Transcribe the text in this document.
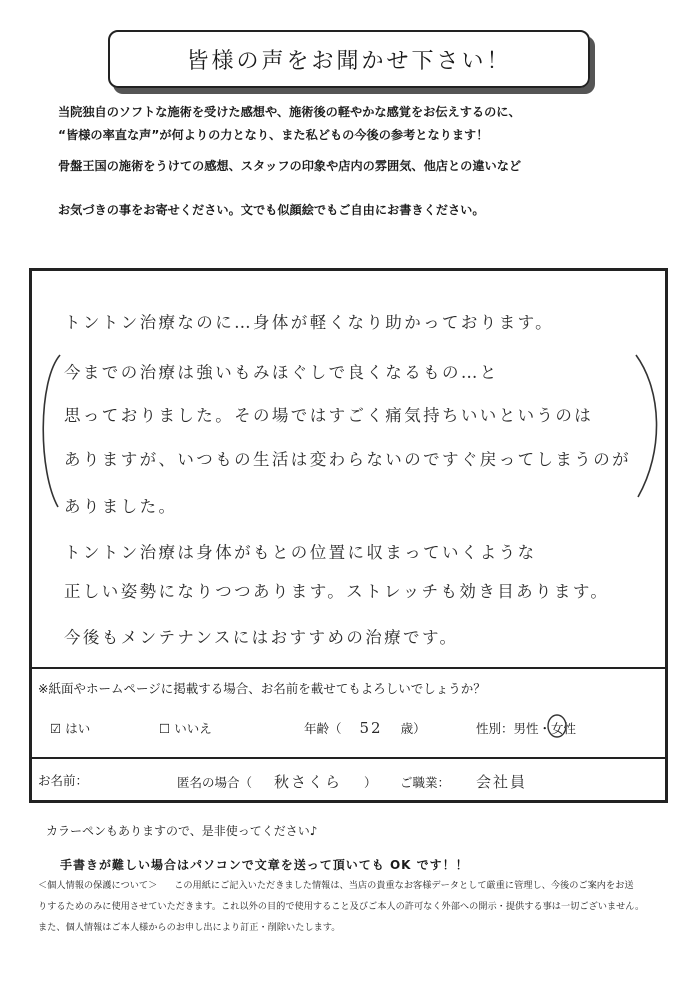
皆様の声をお聞かせ下さい！
当院独自のソフトな施術を受けた感想や、施術後の軽やかな感覚をお伝えするのに、
“皆様の率直な声”が何よりの力となり、また私どもの今後の参考となります！
骨盤王国の施術をうけての感想、スタッフの印象や店内の雰囲気、他店との違いなど
お気づきの事をお寄せください。文でも似顔絵でもご自由にお書きください。
トントン治療なのに…身体が軽くなり助かっております。
今までの治療は強いもみほぐしで良くなるもの…と
思っておりました。その場ではすごく痛気持ちいいというのは
ありますが、いつもの生活は変わらないのですぐ戻ってしまうのが
ありました。
トントン治療は身体がもとの位置に収まっていくような
正しい姿勢になりつつあります。ストレッチも効き目あります。
今後もメンテナンスにはおすすめの治療です。
※紙面やホームページに掲載する場合、お名前を載せてもよろしいでしょうか？
☑ はい	☐ いいえ	年齢（ 52 歳）	性別：男性・女性
お名前：	匿名の場合（ 秋さくら ） ご職業： 会社員
カラーペンもありますので、是非使ってください♪
手書きが難しい場合はパソコンで文章を送って頂いても OK です！！
＜個人情報の保護について＞ この用紙にご記入いただきました情報は、当店の貴重なお客様データとして厳重に管理し、今後のご案内をお送
りするためのみに使用させていただきます。これ以外の目的で使用すること及びご本人の許可なく外部への開示・提供する事は一切ございません。
また、個人情報はご本人様からのお申し出により訂正・削除いたします。
